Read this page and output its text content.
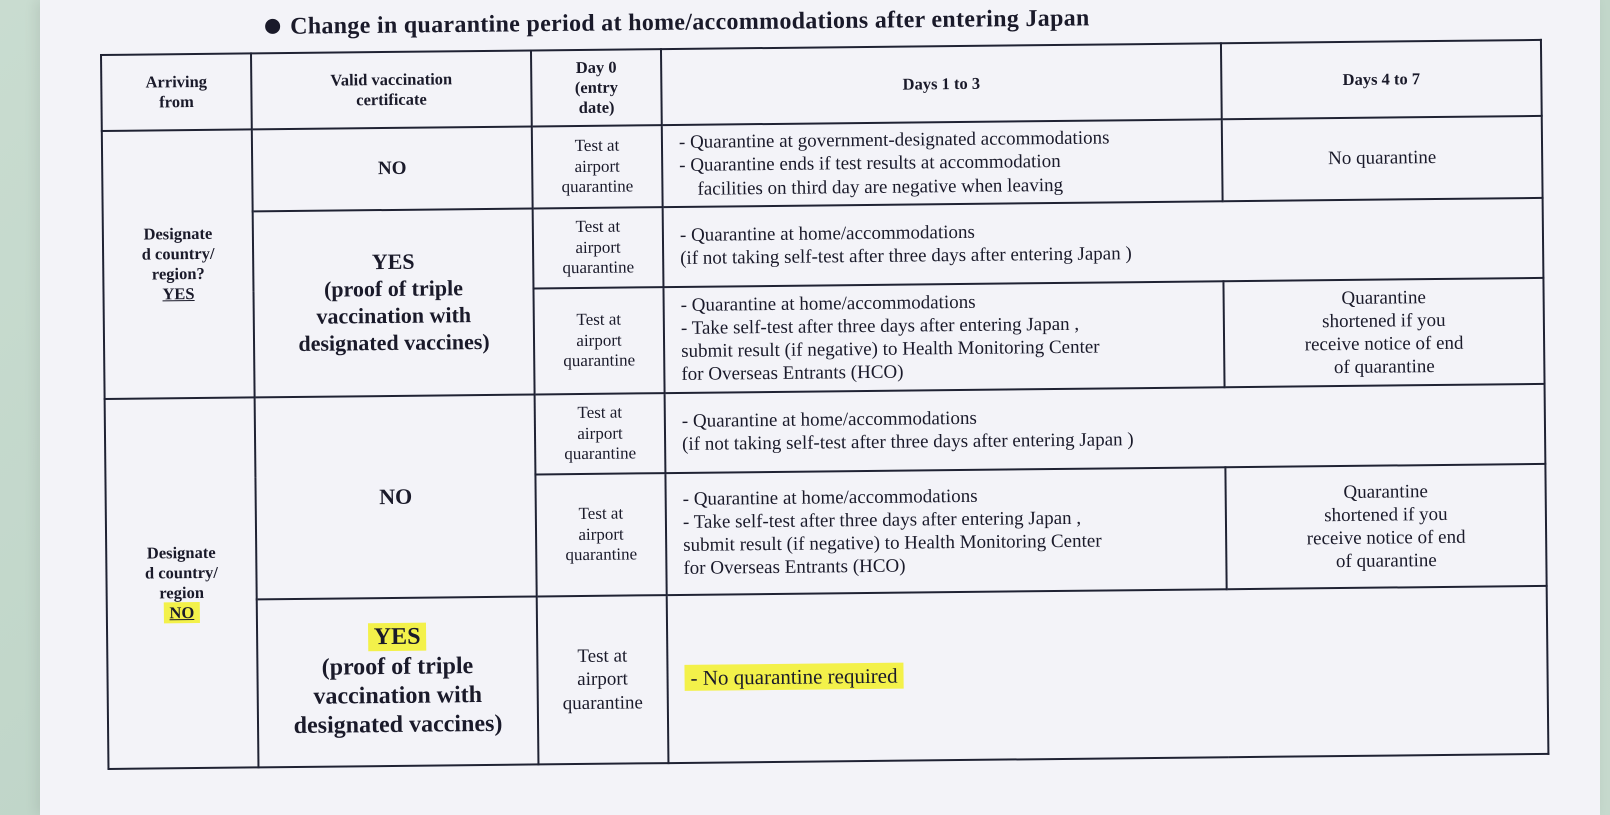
Change in quarantine period at home/accommodations after entering Japan
Arriving
from	Valid vaccination
certificate	Day 0
(entry
date)	Days 1 to 3	Days 4 to 7

Designate
d country/
region?
YES	NO	Test at
airport
quarantine	- Quarantine at government-designated accommodations
- Quarantine ends if test results at accommodation
facilities on third day are negative when leaving	No quarantine

	YES
(proof of triple
vaccination with
designated vaccines)	Test at
airport
quarantine	- Quarantine at home/accommodations
(if not taking self-test after three days after entering Japan )	

		Test at
airport
quarantine	- Quarantine at home/accommodations
- Take self-test after three days after entering Japan ,
submit result (if negative) to Health Monitoring Center
for Overseas Entrants (HCO)	Quarantine
shortened if you
receive notice of end
of quarantine

Designate
d country/
region
NO	NO	Test at
airport
quarantine	- Quarantine at home/accommodations
(if not taking self-test after three days after entering Japan )	

		Test at
airport
quarantine	- Quarantine at home/accommodations
- Take self-test after three days after entering Japan ,
submit result (if negative) to Health Monitoring Center
for Overseas Entrants (HCO)	Quarantine
shortened if you
receive notice of end
of quarantine

	YES
(proof of triple
vaccination with
designated vaccines)	Test at
airport
quarantine	- No quarantine required	
